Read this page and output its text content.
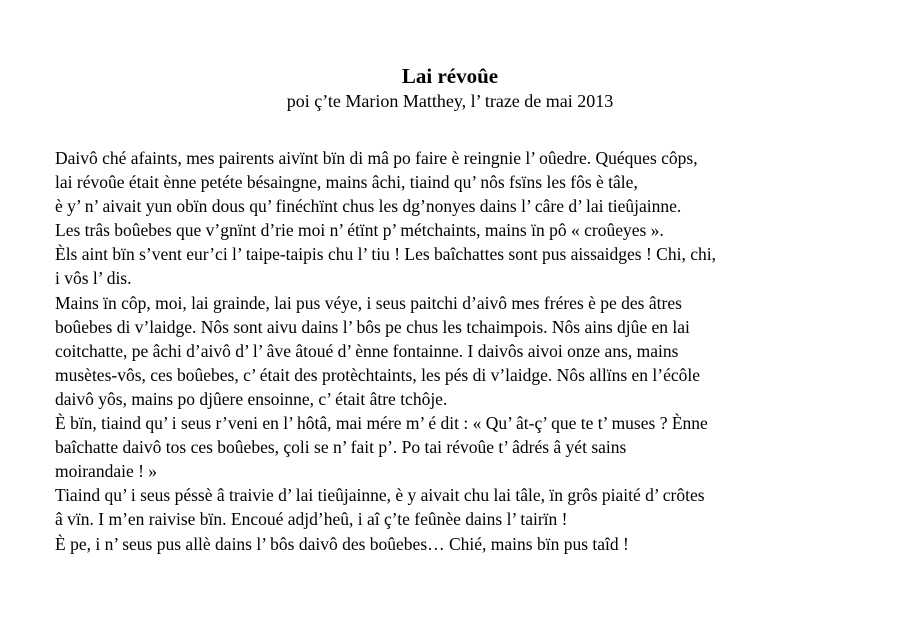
Lai révoûe

poi ç’te Marion Matthey, l’ traze de mai 2013

Daivô ché afaints, mes pairents aivïnt bïn di mâ po faire è reingnie l’ oûedre. Quéques côps,
lai révoûe était ènne petéte bésaingne, mains âchi, tiaind qu’ nôs fsïns les fôs è tâle,
è y’ n’ aivait yun obïn dous qu’ finéchïnt chus les dg’nonyes dains l’ câre d’ lai tieûjainne.
Les trâs boûebes que v’gnïnt d’rie moi n’ étïnt p’ métchaints, mains ïn pô « croûeyes ».
Èls aint bïn s’vent eur’ci l’ taipe-taipis chu l’ tiu ! Les baîchattes sont pus aissaidges ! Chi, chi,
i vôs l’ dis.
Mains ïn côp, moi, lai grainde, lai pus véye, i seus paitchi d’aivô mes fréres è pe des âtres
boûebes di v’laidge. Nôs sont aivu dains l’ bôs pe chus les tchaimpois. Nôs ains djûe en lai
coitchatte, pe âchi d’aivô d’ l’ âve âtoué d’ ènne fontainne. I daivôs aivoi onze ans, mains
musètes-vôs, ces boûebes, c’ était des protèchtaints, les pés di v’laidge. Nôs allïns en l’écôle
daivô yôs, mains po djûere ensoinne, c’ était âtre tchôje.
È bïn, tiaind qu’ i seus r’veni en l’ hôtâ, mai mére m’ é dit : « Qu’ ât-ç’ que te t’ muses ? Ènne
baîchatte daivô tos ces boûebes, çoli se n’ fait p’. Po tai révoûe t’ âdrés â yét sains
moirandaie ! »
Tiaind qu’ i seus péssè â traivie d’ lai tieûjainne, è y aivait chu lai tâle, ïn grôs piaité d’ crôtes
â vïn. I m’en raivise bïn. Encoué adjd’heû, i aî ç’te feûnèe dains l’ tairïn !
È pe, i n’ seus pus allè dains l’ bôs daivô des boûebes… Chié, mains bïn pus taîd !
